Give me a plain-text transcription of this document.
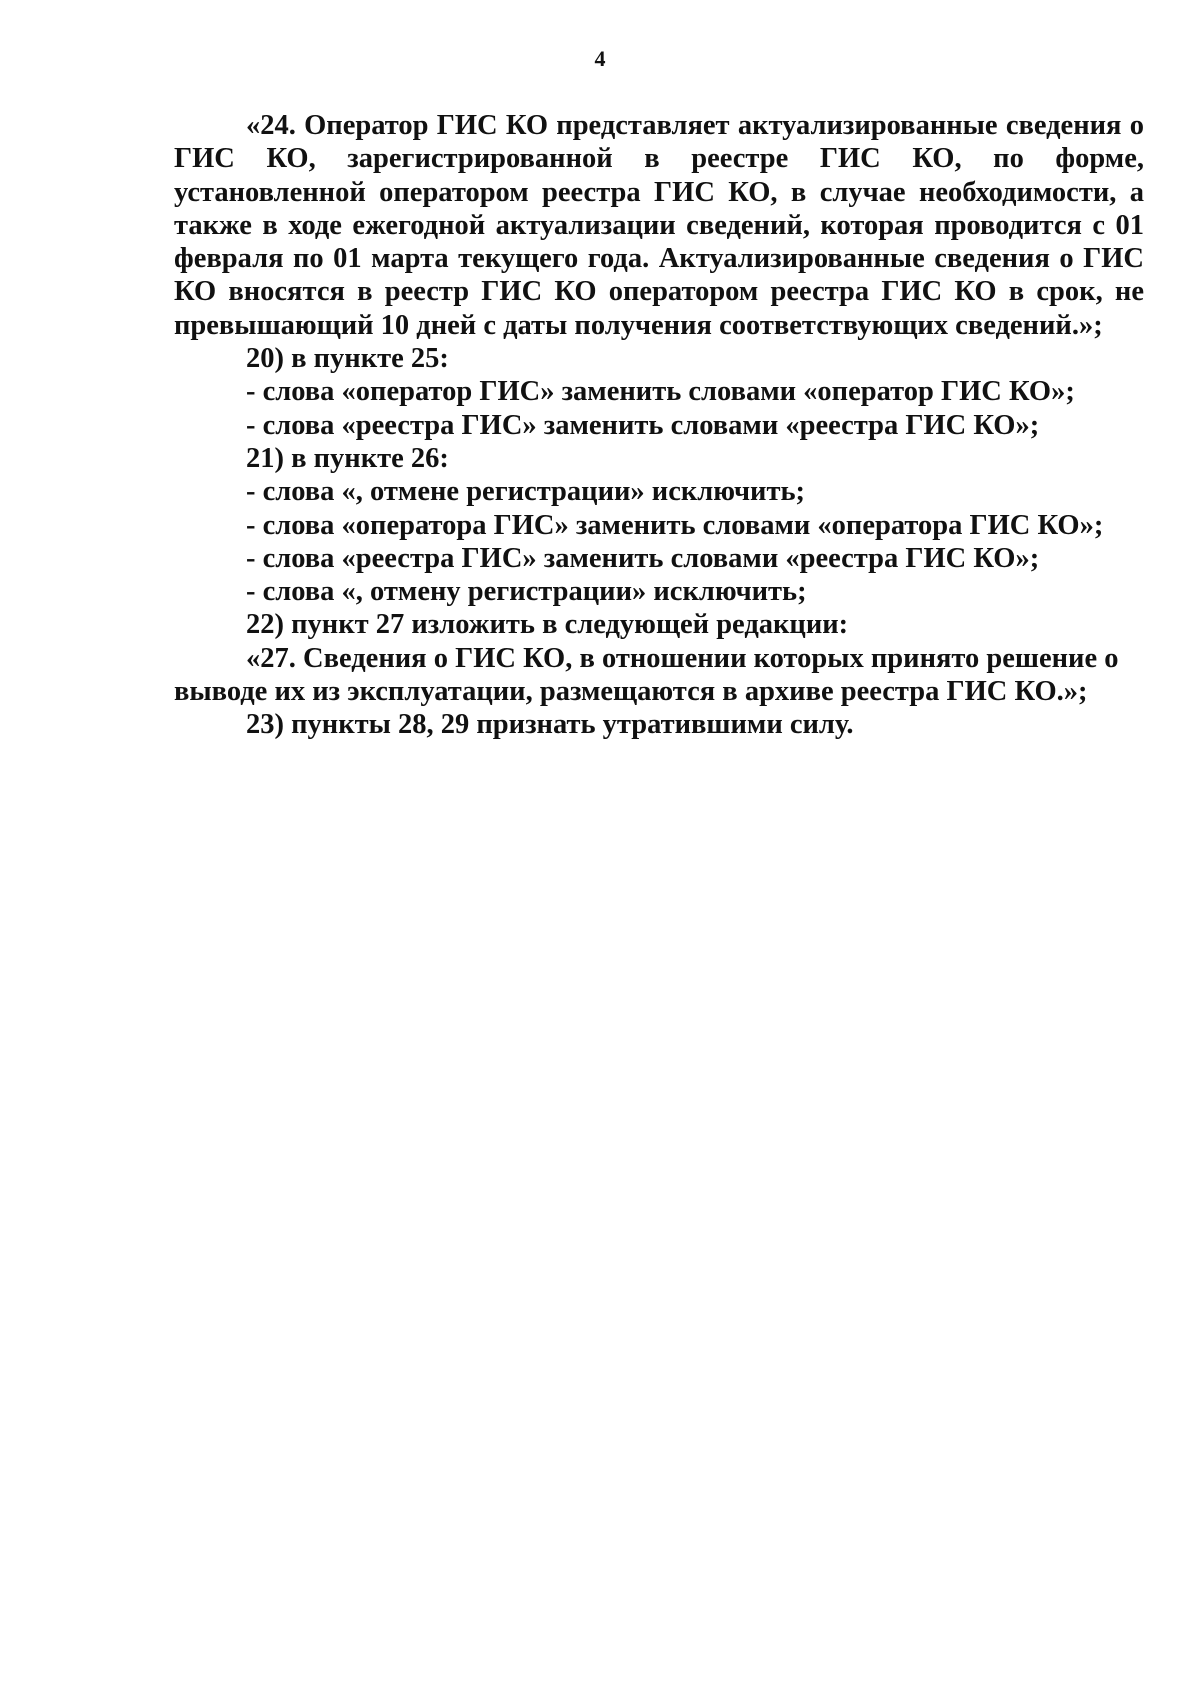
4

«24. Оператор ГИС КО представляет актуализированные сведения о ГИС КО, зарегистрированной в реестре ГИС КО, по форме, установленной оператором реестра ГИС КО, в случае необходимости, а также в ходе ежегодной актуализации сведений, которая проводится с 01 февраля по 01 марта текущего года. Актуализированные сведения о ГИС КО вносятся в реестр ГИС КО оператором реестра ГИС КО в срок, не превышающий 10 дней с даты получения соответствующих сведений.»;

20) в пункте 25:

- слова «оператор ГИС» заменить словами «оператор ГИС КО»;

- слова «реестра ГИС» заменить словами «реестра ГИС КО»;

21) в пункте 26:

- слова «, отмене регистрации» исключить;

- слова «оператора ГИС» заменить словами «оператора ГИС КО»;

- слова «реестра ГИС» заменить словами «реестра ГИС КО»;

- слова «, отмену регистрации» исключить;

22) пункт 27 изложить в следующей редакции:

«27. Сведения о ГИС КО, в отношении которых принято решение о выводе их из эксплуатации, размещаются в архиве реестра ГИС КО.»;

23) пункты 28, 29 признать утратившими силу.
